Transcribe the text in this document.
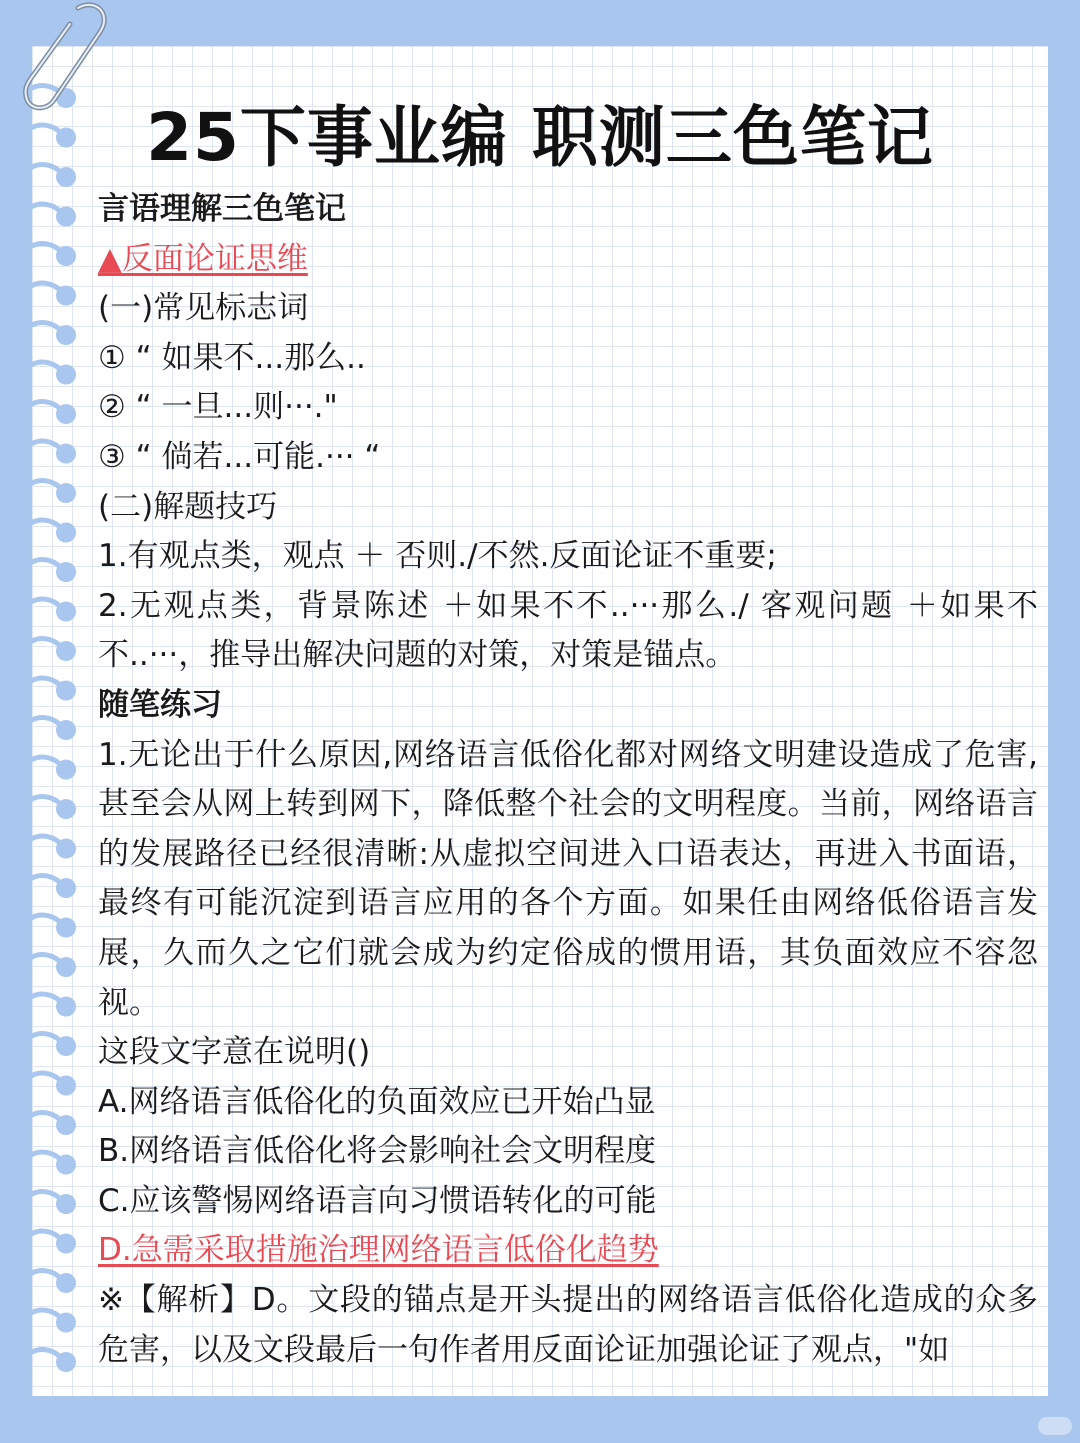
25下事业编 职测三色笔记

言语理解三色笔记

▲反面论证思维

(一)常见标志词

① “ 如果不...那么..

② “ 一旦...则···."

③ “ 倘若...可能.··· “

(二)解题技巧

1.有观点类，观点 ＋ 否则./不然.反面论证不重要;

2.无观点类，背景陈述 ＋如果不不..···那么./ 客观问题 ＋如果不不..···，推导出解决问题的对策，对策是锚点。

随笔练习

1.无论出于什么原因,网络语言低俗化都对网络文明建设造成了危害,甚至会从网上转到网下，降低整个社会的文明程度。当前，网络语言的发展路径已经很清晰:从虚拟空间进入口语表达，再进入书面语，最终有可能沉淀到语言应用的各个方面。如果任由网络低俗语言发展，久而久之它们就会成为约定俗成的惯用语，其负面效应不容忽视。

这段文字意在说明()

A.网络语言低俗化的负面效应已开始凸显

B.网络语言低俗化将会影响社会文明程度

C.应该警惕网络语言向习惯语转化的可能

D.急需采取措施治理网络语言低俗化趋势

※【解析】D。文段的锚点是开头提出的网络语言低俗化造成的众多危害，以及文段最后一句作者用反面论证加强论证了观点，"如
